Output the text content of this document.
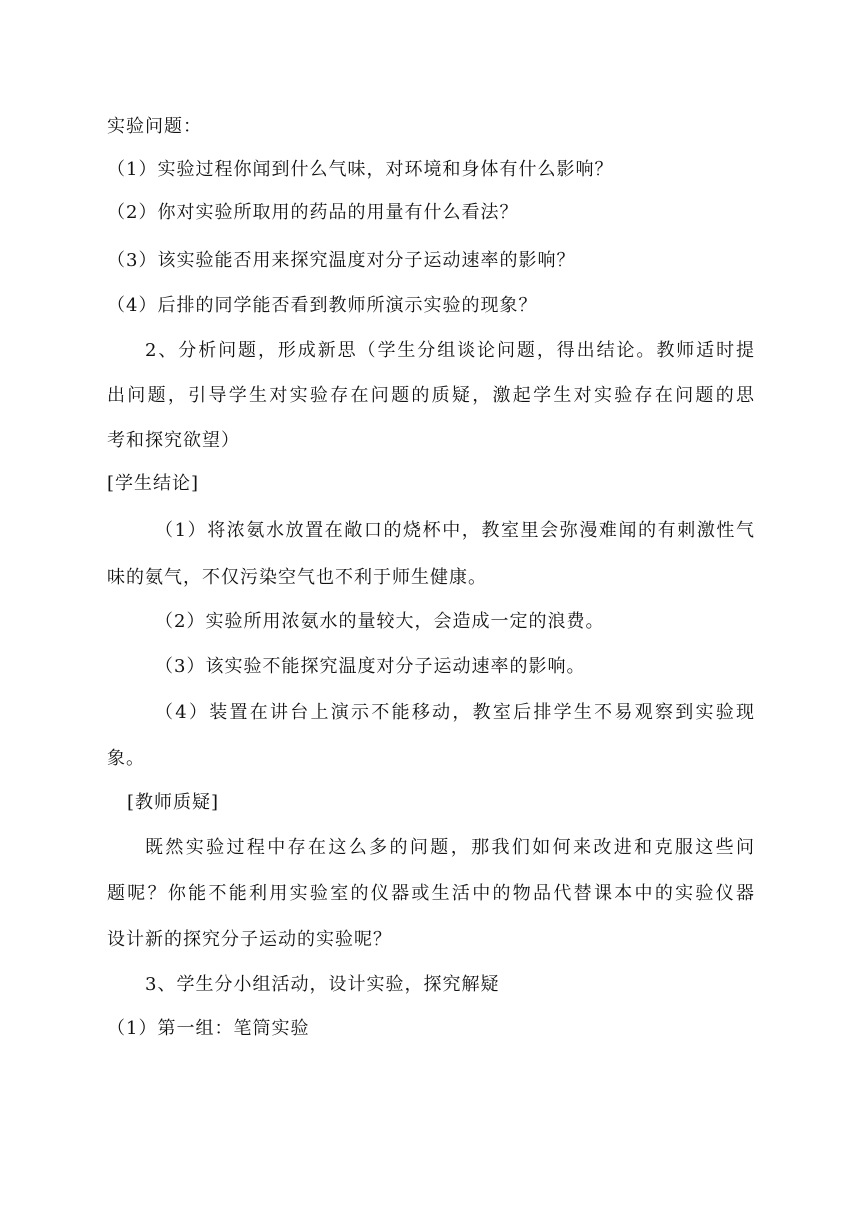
实验问题：
（1）实验过程你闻到什么气味，对环境和身体有什么影响？
（2）你对实验所取用的药品的用量有什么看法？
（3）该实验能否用来探究温度对分子运动速率的影响？
（4）后排的同学能否看到教师所演示实验的现象？
2、分析问题，形成新思（学生分组谈论问题，得出结论。教师适时提
出问题，引导学生对实验存在问题的质疑，激起学生对实验存在问题的思
考和探究欲望）
[学生结论]
（1）将浓氨水放置在敞口的烧杯中，教室里会弥漫难闻的有刺激性气
味的氨气，不仅污染空气也不利于师生健康。
（2）实验所用浓氨水的量较大，会造成一定的浪费。
（3）该实验不能探究温度对分子运动速率的影响。
（4）装置在讲台上演示不能移动，教室后排学生不易观察到实验现
象。
[教师质疑]
既然实验过程中存在这么多的问题，那我们如何来改进和克服这些问
题呢？你能不能利用实验室的仪器或生活中的物品代替课本中的实验仪器
设计新的探究分子运动的实验呢？
3、学生分小组活动，设计实验，探究解疑
（1）第一组：笔筒实验
